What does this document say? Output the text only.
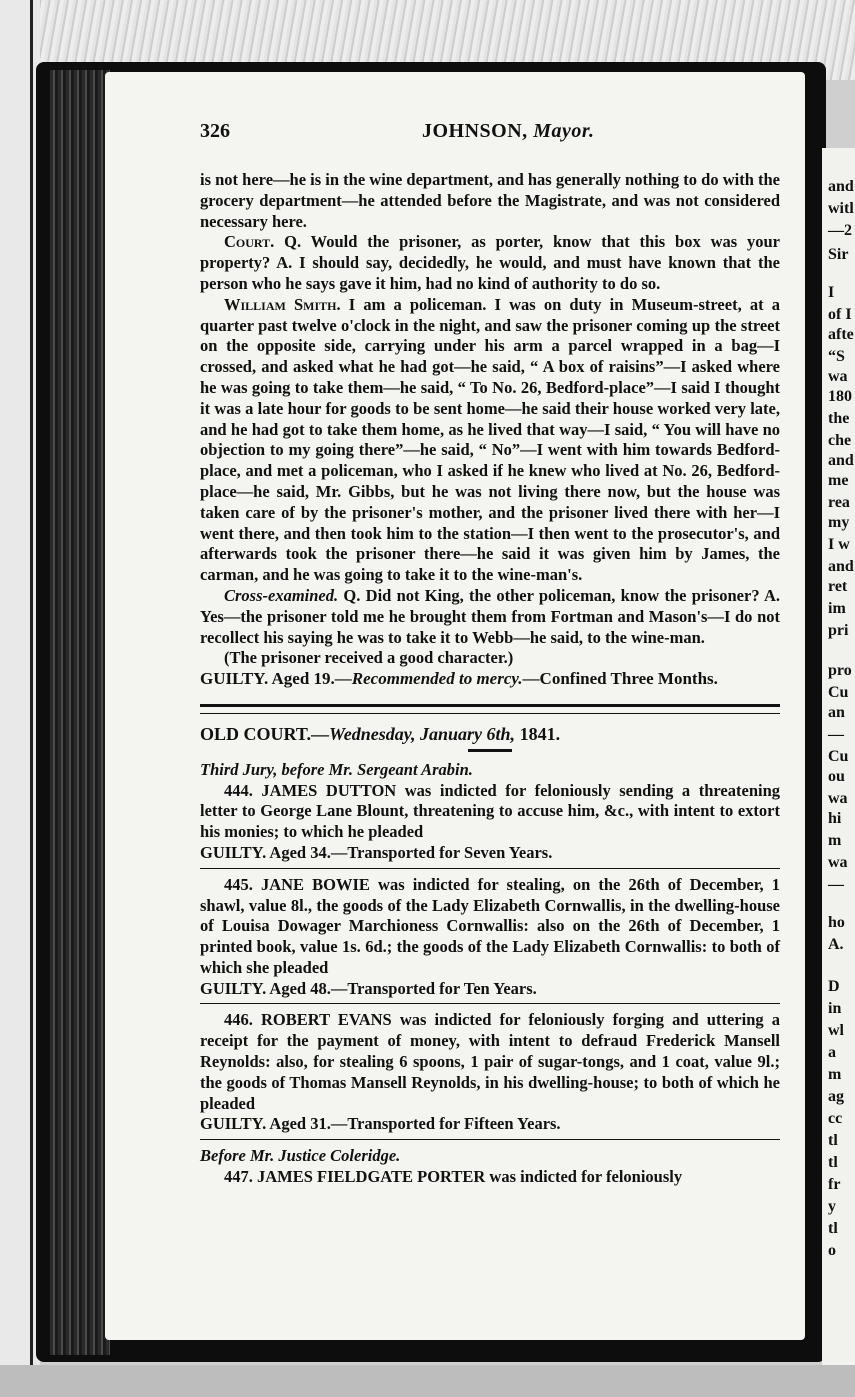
and
witl
—2
Sir
I
of I
afte
“S
wa
180
the
che
and
me
rea
my
I w
and
ret
im
pri
pro
Cu
an
—
Cu
ou
wa
hi
m
wa
—
ho
A.
D
in
wl
a
m
ag
cc
tl
tl
fr
y
tl
o
326	JOHNSON, Mayor.

is not here—he is in the wine department, and has generally nothing to do with the grocery department—he attended before the Magistrate, and was not considered necessary here.

Court. Q. Would the prisoner, as porter, know that this box was your property? A. I should say, decidedly, he would, and must have known that the person who he says gave it him, had no kind of authority to do so.

William Smith. I am a policeman. I was on duty in Museum-street, at a quarter past twelve o'clock in the night, and saw the prisoner coming up the street on the opposite side, carrying under his arm a parcel wrapped in a bag—I crossed, and asked what he had got—he said, “ A box of raisins”—I asked where he was going to take them—he said, “ To No. 26, Bedford-place”—I said I thought it was a late hour for goods to be sent home—he said their house worked very late, and he had got to take them home, as he lived that way—I said, “ You will have no objection to my going there”—he said, “ No”—I went with him towards Bedford-place, and met a policeman, who I asked if he knew who lived at No. 26, Bedford-place—he said, Mr. Gibbs, but he was not living there now, but the house was taken care of by the prisoner's mother, and the prisoner lived there with her—I went there, and then took him to the station—I then went to the prosecutor's, and afterwards took the prisoner there—he said it was given him by James, the carman, and he was going to take it to the wine-man's.

Cross-examined. Q. Did not King, the other policeman, know the prisoner? A. Yes—the prisoner told me he brought them from Fortman and Mason's—I do not recollect his saying he was to take it to Webb—he said, to the wine-man.

(The prisoner received a good character.)

GUILTY. Aged 19.—Recommended to mercy.—Confined Three Months.

OLD COURT.—Wednesday, January 6th, 1841.

Third Jury, before Mr. Sergeant Arabin.

444. JAMES DUTTON was indicted for feloniously sending a threatening letter to George Lane Blount, threatening to accuse him, &c., with intent to extort his monies; to which he pleaded

GUILTY. Aged 34.—Transported for Seven Years.

445. JANE BOWIE was indicted for stealing, on the 26th of December, 1 shawl, value 8l., the goods of the Lady Elizabeth Cornwallis, in the dwelling-house of Louisa Dowager Marchioness Cornwallis: also on the 26th of December, 1 printed book, value 1s. 6d.; the goods of the Lady Elizabeth Cornwallis: to both of which she pleaded

GUILTY. Aged 48.—Transported for Ten Years.

446. ROBERT EVANS was indicted for feloniously forging and uttering a receipt for the payment of money, with intent to defraud Frederick Mansell Reynolds: also, for stealing 6 spoons, 1 pair of sugar-tongs, and 1 coat, value 9l.; the goods of Thomas Mansell Reynolds, in his dwelling-house; to both of which he pleaded

GUILTY. Aged 31.—Transported for Fifteen Years.

Before Mr. Justice Coleridge.

447. JAMES FIELDGATE PORTER was indicted for feloniously
